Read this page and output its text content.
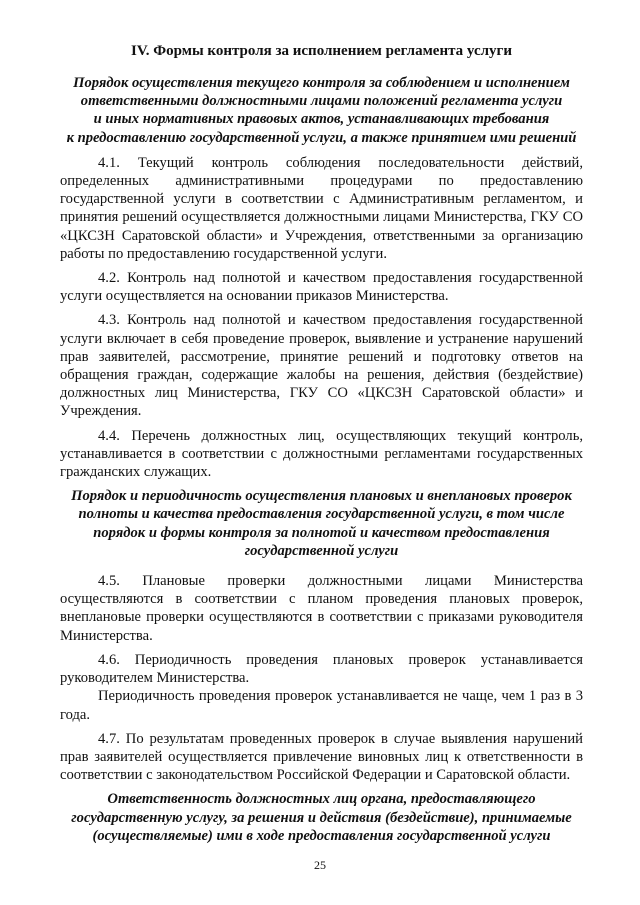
IV. Формы контроля за исполнением регламента услуги
Порядок осуществления текущего контроля за соблюдением и исполнением
ответственными должностными лицами положений регламента услуги
и иных нормативных правовых актов, устанавливающих требования
к предоставлению государственной услуги, а также принятием ими решений

4.1. Текущий контроль соблюдения последовательности действий, определенных административными процедурами по предоставлению государственной услуги в соответствии с Административным регламентом, и принятия решений осуществляется должностными лицами Министерства, ГКУ СО «ЦКСЗН Саратовской области» и Учреждения, ответственными за организацию работы по предоставлению государственной услуги.

4.2. Контроль над полнотой и качеством предоставления государственной услуги осуществляется на основании приказов Министерства.

4.3. Контроль над полнотой и качеством предоставления государственной услуги включает в себя проведение проверок, выявление и устранение нарушений прав заявителей, рассмотрение, принятие решений и подготовку ответов на обращения граждан, содержащие жалобы на решения, действия (бездействие) должностных лиц Министерства, ГКУ СО «ЦКСЗН Саратовской области» и Учреждения.

4.4. Перечень должностных лиц, осуществляющих текущий контроль, устанавливается в соответствии с должностными регламентами государственных гражданских служащих.

Порядок и периодичность осуществления плановых и внеплановых проверок
полноты и качества предоставления государственной услуги, в том числе
порядок и формы контроля за полнотой и качеством предоставления
государственной услуги

4.5. Плановые проверки должностными лицами Министерства осуществляются в соответствии с планом проведения плановых проверок, внеплановые проверки осуществляются в соответствии с приказами руководителя Министерства.

4.6. Периодичность проведения плановых проверок устанавливается руководителем Министерства.

Периодичность проведения проверок устанавливается не чаще, чем 1 раз в 3 года.

4.7. По результатам проведенных проверок в случае выявления нарушений прав заявителей осуществляется привлечение виновных лиц к ответственности в соответствии с законодательством Российской Федерации и Саратовской области.

Ответственность должностных лиц органа, предоставляющего
государственную услугу, за решения и действия (бездействие), принимаемые
(осуществляемые) ими в ходе предоставления государственной услуги
25
